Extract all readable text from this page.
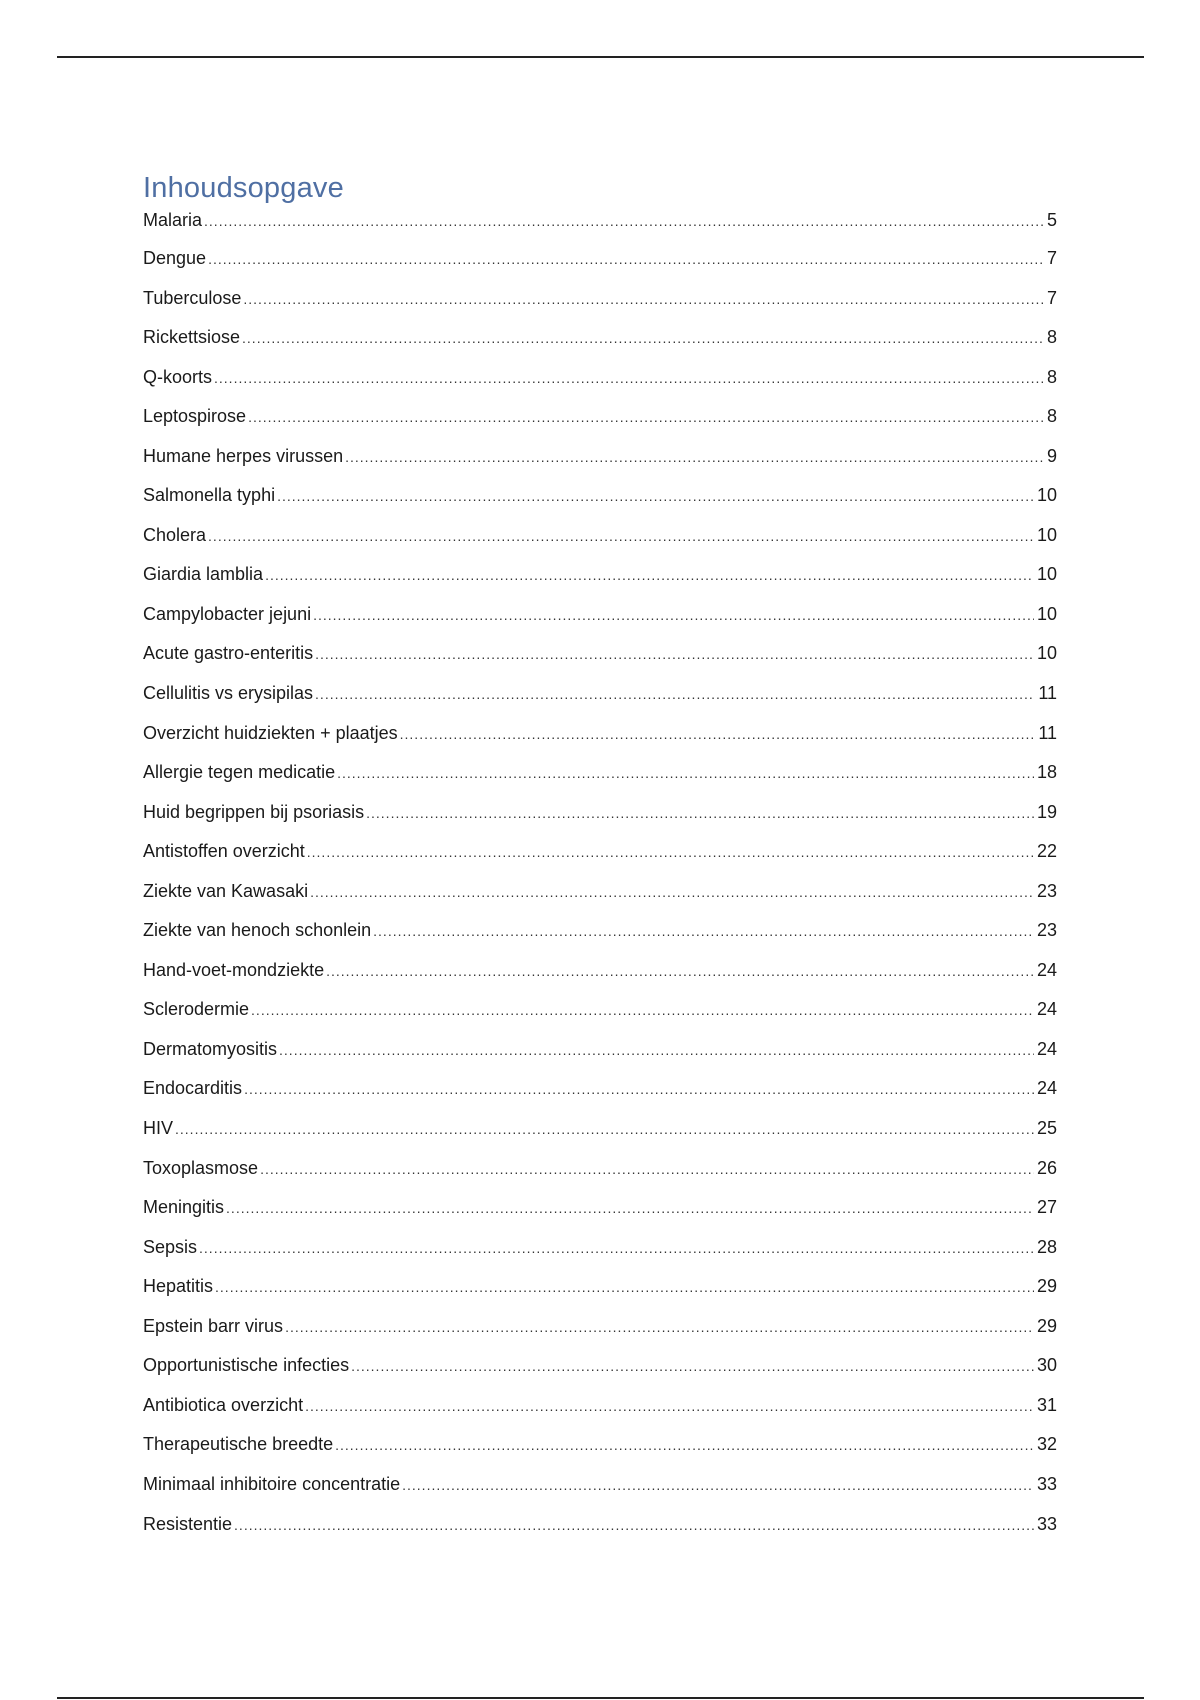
Inhoudsopgave
Malaria .....	5
Dengue .....	7
Tuberculose .....	7
Rickettsiose .....	8
Q-koorts .....	8
Leptospirose .....	8
Humane herpes virussen .....	9
Salmonella typhi .....	10
Cholera .....	10
Giardia lamblia .....	10
Campylobacter jejuni .....	10
Acute gastro-enteritis .....	10
Cellulitis vs erysipilas .....	11
Overzicht huidziekten + plaatjes .....	11
Allergie tegen medicatie .....	18
Huid begrippen bij psoriasis .....	19
Antistoffen overzicht .....	22
Ziekte van Kawasaki .....	23
Ziekte van henoch schonlein .....	23
Hand-voet-mondziekte .....	24
Sclerodermie .....	24
Dermatomyositis .....	24
Endocarditis .....	24
HIV .....	25
Toxoplasmose .....	26
Meningitis .....	27
Sepsis .....	28
Hepatitis .....	29
Epstein barr virus .....	29
Opportunistische infecties .....	30
Antibiotica overzicht .....	31
Therapeutische breedte .....	32
Minimaal inhibitoire concentratie .....	33
Resistentie .....	33
